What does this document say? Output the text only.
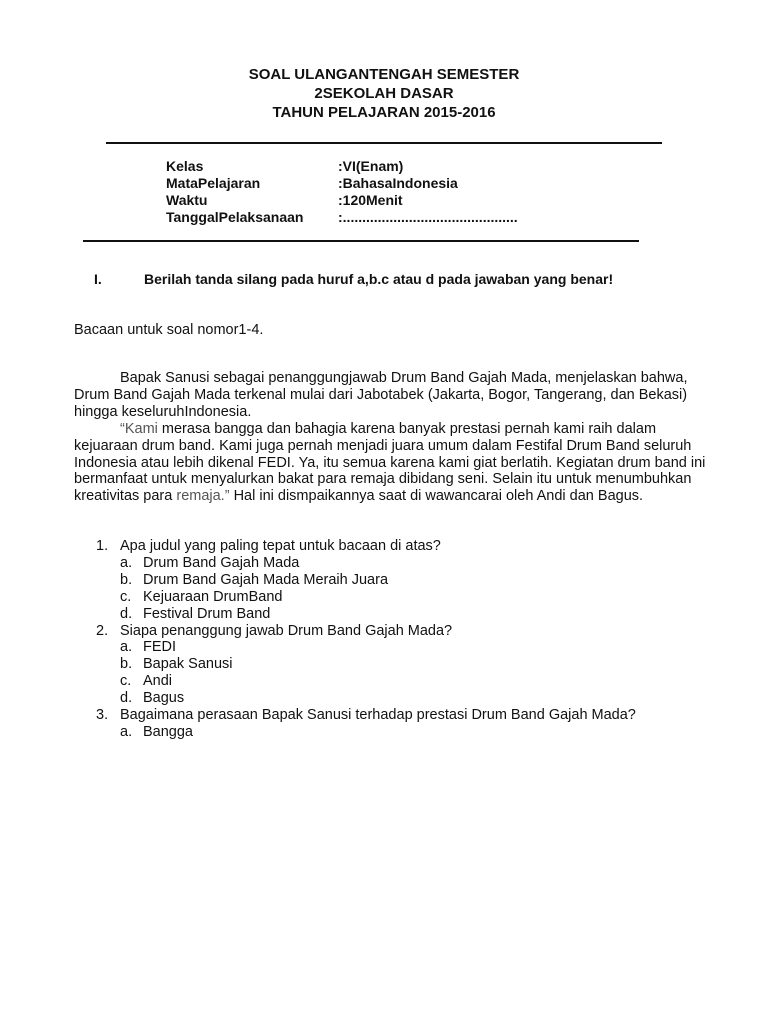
SOAL ULANGANTENGAH SEMESTER
2SEKOLAH DASAR
TAHUN PELAJARAN 2015-2016
Kelas	:VI(Enam)
MataPelajaran	:BahasaIndonesia
Waktu	:120Menit
TanggalPelaksanaan :.............................................
I.	Berilah tanda silang pada huruf a,b.c atau d pada jawaban yang benar!
Bacaan untuk soal nomor1-4.

Bapak Sanusi sebagai penanggungjawab Drum Band Gajah Mada, menjelaskan bahwa, Drum Band Gajah Mada terkenal mulai dari Jabotabek (Jakarta, Bogor, Tangerang, dan Bekasi) hingga keseluruhIndonesia.

“Kami merasa bangga dan bahagia karena banyak prestasi pernah kami raih dalam kejuaraan drum band. Kami juga pernah menjadi juara umum dalam Festifal Drum Band seluruh Indonesia atau lebih dikenal FEDI. Ya, itu semua karena kami giat berlatih. Kegiatan drum band ini bermanfaat untuk menyalurkan bakat para remaja dibidang seni. Selain itu untuk menumbuhkan kreativitas para remaja.” Hal ini dismpaikannya saat di wawancarai oleh Andi dan Bagus.

1. Apa judul yang paling tepat untuk bacaan di atas?
a. Drum Band Gajah Mada
b. Drum Band Gajah Mada Meraih Juara
c. Kejuaraan DrumBand
d. Festival Drum Band
2. Siapa penanggung jawab Drum Band Gajah Mada?
a. FEDI
b. Bapak Sanusi
c. Andi
d. Bagus
3. Bagaimana perasaan Bapak Sanusi terhadap prestasi Drum Band Gajah Mada?
a. Bangga
